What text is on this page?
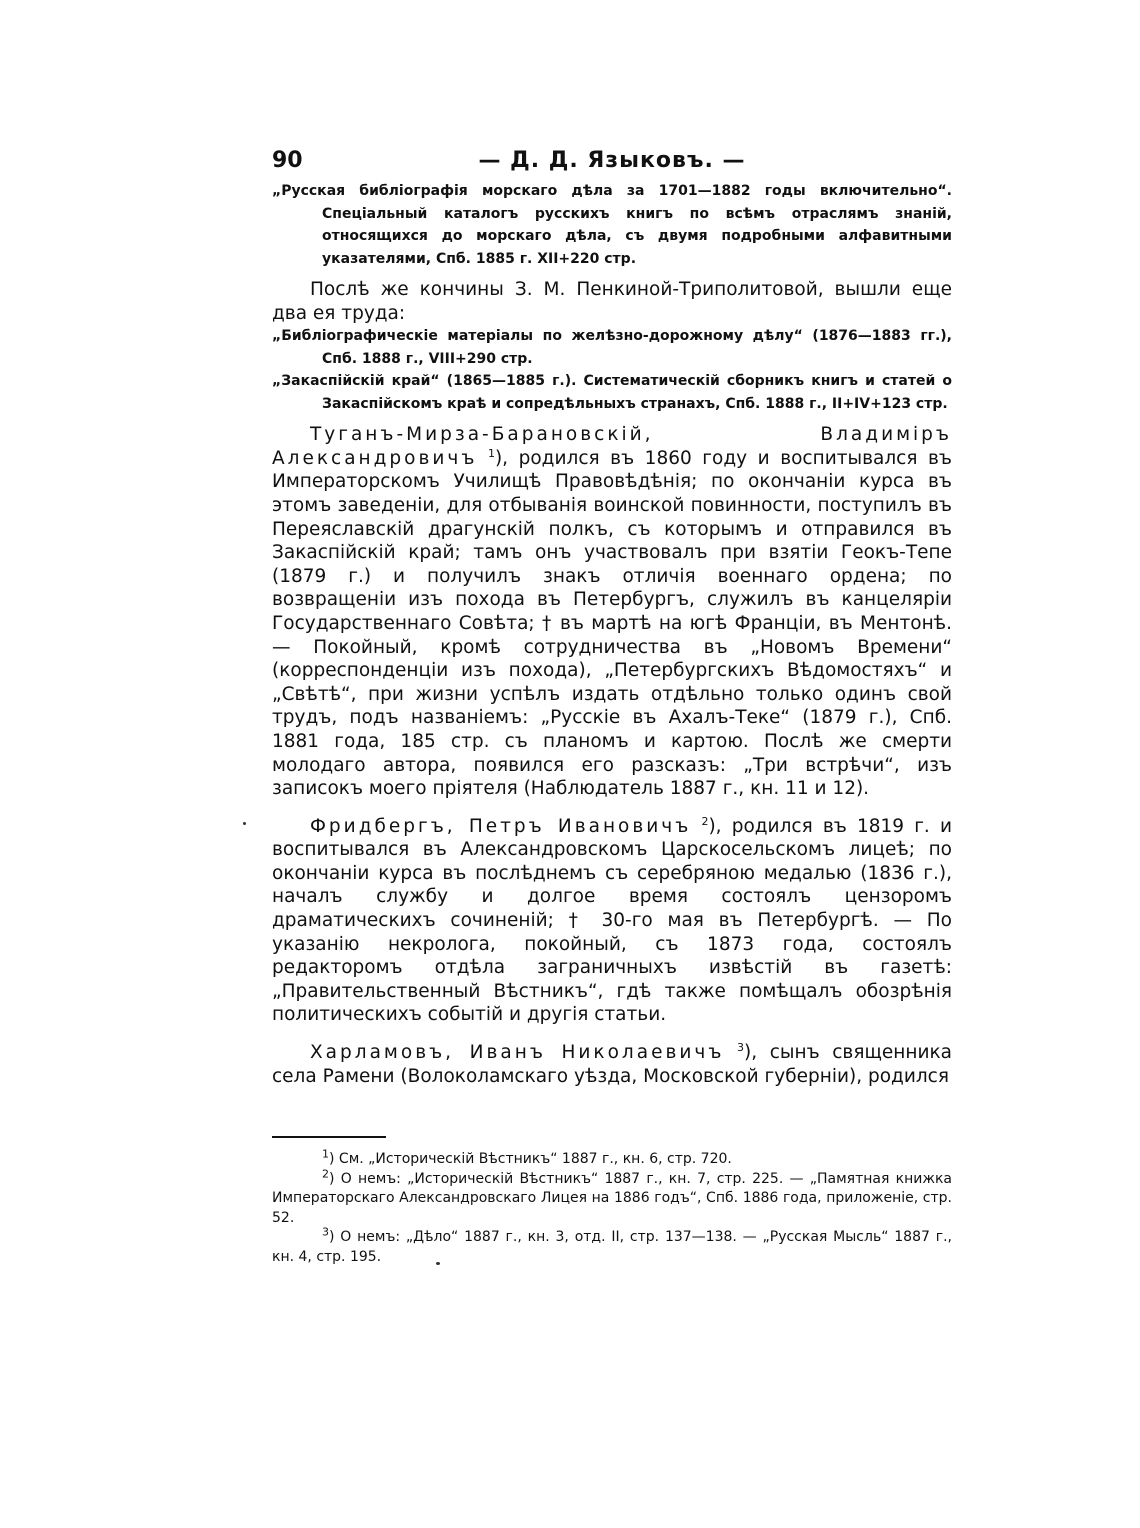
90	— Д. Д. Языковъ. —

„Русская библіографія морскаго дѣла за 1701—1882 годы включительно“. Спеціальный каталогъ русскихъ книгъ по всѣмъ отраслямъ знаній, относящихся до морскаго дѣла, съ двумя подробными алфавитными указателями, Спб. 1885 г. XII+220 стр.

Послѣ же кончины З. М. Пенкиной-Триполитовой, вышли еще два ея труда:

„Библіографическіе матеріалы по желѣзно-дорожному дѣлу“ (1876—1883 гг.), Спб. 1888 г., VIII+290 стр.

„Закаспійскій край“ (1865—1885 г.). Систематическій сборникъ книгъ и статей о Закаспійскомъ краѣ и сопредѣльныхъ странахъ, Спб. 1888 г., II+IV+123 стр.

Туганъ-Мирза-Барановскій, Владиміръ Александровичъ $^1$), родился въ 1860 году и воспитывался въ Императорскомъ Училищѣ Правовѣдѣнія; по окончаніи курса въ этомъ заведеніи, для отбыванія воинской повинности, поступилъ въ Переяславскій драгунскій полкъ, съ которымъ и отправился въ Закаспійскій край; тамъ онъ участвовалъ при взятіи Геокъ-Тепе (1879 г.) и получилъ знакъ отличія военнаго ордена; по возвращеніи изъ похода въ Петербургъ, служилъ въ канцеляріи Государственнаго Совѣта; † въ мартѣ на югѣ Франціи, въ Ментонѣ. — Покойный, кромѣ сотрудничества въ „Новомъ Времени“ (корреспонденціи изъ похода), „Петербургскихъ Вѣдомостяхъ“ и „Свѣтѣ“, при жизни успѣлъ издать отдѣльно только одинъ свой трудъ, подъ названіемъ: „Русскіе въ Ахалъ-Теке“ (1879 г.), Спб. 1881 года, 185 стр. съ планомъ и картою. Послѣ же смерти молодаго автора, появился его разсказъ: „Три встрѣчи“, изъ записокъ моего пріятеля (Наблюдатель 1887 г., кн. 11 и 12).

Фридбергъ, Петръ Ивановичъ $^2$), родился въ 1819 г. и воспитывался въ Александровскомъ Царскосельскомъ лицеѣ; по окончаніи курса въ послѣднемъ съ серебряною медалью (1836 г.), началъ службу и долгое время состоялъ цензоромъ драматическихъ сочиненій; † 30-го мая въ Петербургѣ. — По указанію некролога, покойный, съ 1873 года, состоялъ редакторомъ отдѣла заграничныхъ извѣстій въ газетѣ: „Правительственный Вѣстникъ“, гдѣ также помѣщалъ обозрѣнія политическихъ событій и другія статьи.

Харламовъ, Иванъ Николаевичъ $^3$), сынъ священника села Рамени (Волоколамскаго уѣзда, Московской губерніи), родился

$^1$) См. „Историческій Вѣстникъ“ 1887 г., кн. 6, стр. 720.

$^2$) О немъ: „Историческій Вѣстникъ“ 1887 г., кн. 7, стр. 225. — „Памятная книжка Императорскаго Александровскаго Лицея на 1886 годъ“, Спб. 1886 года, приложеніе, стр. 52.

$^3$) О немъ: „Дѣло“ 1887 г., кн. 3, отд. II, стр. 137—138. — „Русская Мысль“ 1887 г., кн. 4, стр. 195.
